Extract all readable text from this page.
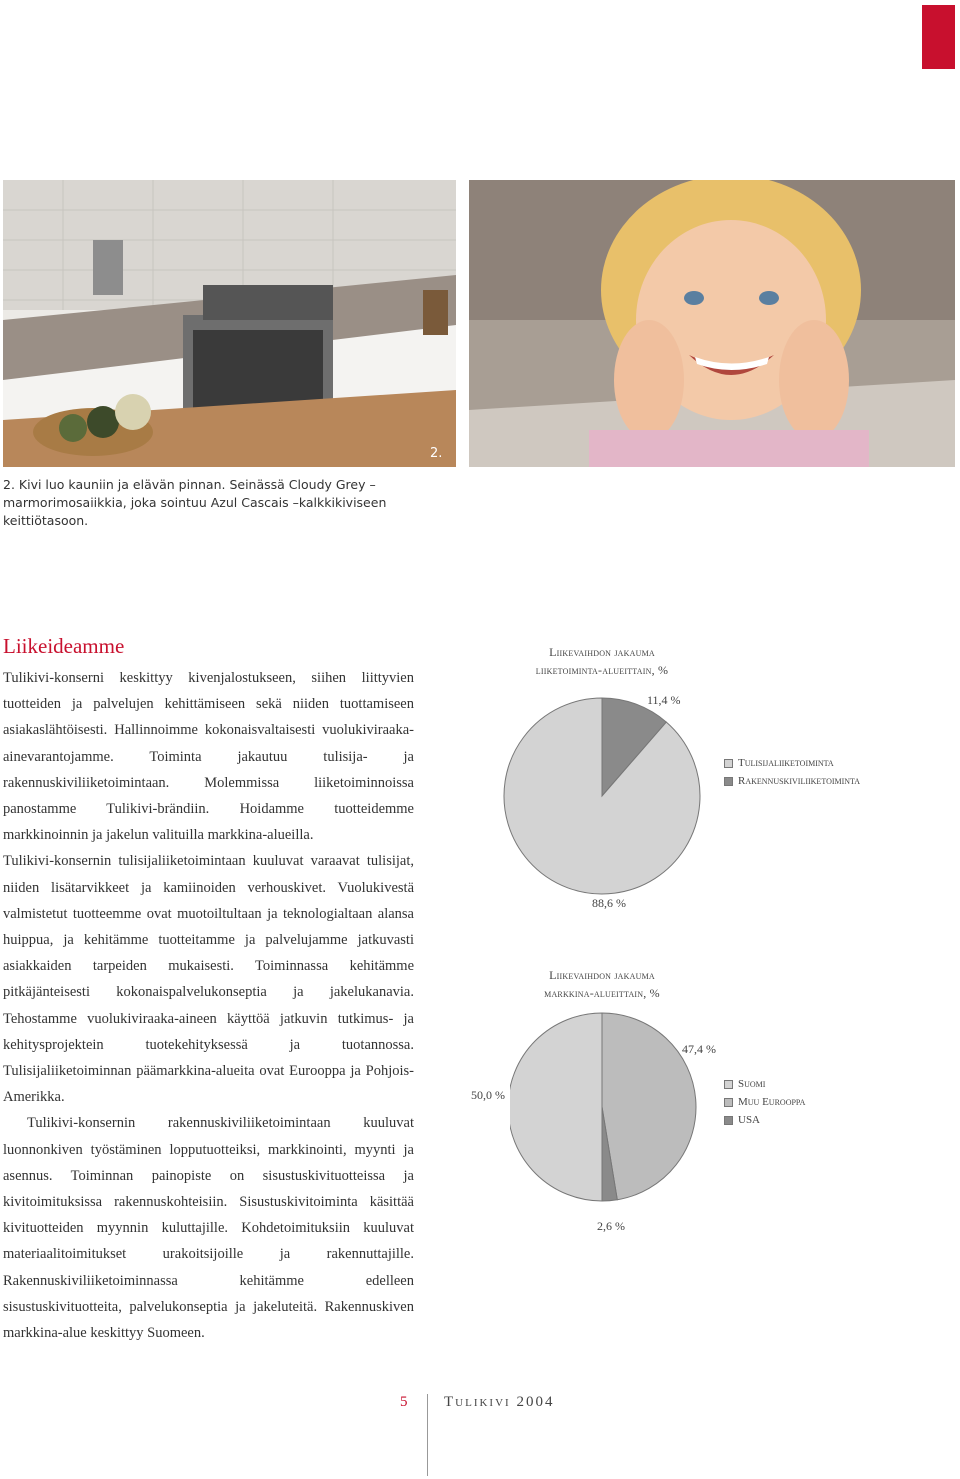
2.
2. Kivi luo kauniin ja elävän pinnan. Seinässä Cloudy Grey –marmorimosaiikkia, joka sointuu Azul Cascais –kalkkikiviseen keittiötasoon.
Liikeideamme

Tulikivi-konserni keskittyy kivenjalostukseen, siihen liittyvien tuotteiden ja palvelujen kehittämiseen sekä niiden tuottamiseen asiakaslähtöisesti. Hallinnoimme kokonaisvaltaisesti vuolukiviraaka-ainevarantojamme. Toiminta jakautuu tulisija- ja rakennuskiviliiketoimintaan. Molemmissa liiketoiminnoissa panostamme Tulikivi-brändiin. Hoidamme tuotteidemme markkinoinnin ja jakelun valituilla markkina-alueilla.

Tulikivi-konsernin tulisijaliiketoimintaan kuuluvat varaavat tulisijat, niiden lisätarvikkeet ja kamiinoiden verhouskivet. Vuolukivestä valmistetut tuotteemme ovat muotoiltultaan ja teknologialtaan alansa huippua, ja kehitämme tuotteitamme ja palvelujamme jatkuvasti asiakkaiden tarpeiden mukaisesti. Toiminnassa kehitämme pitkäjänteisesti kokonaispalvelukonseptia ja jakelukanavia. Tehostamme vuolukiviraaka-aineen käyttöä jatkuvin tutkimus- ja kehitysprojektein tuotekehityksessä ja tuotannossa. Tulisijaliiketoiminnan päämarkkina-alueita ovat Eurooppa ja Pohjois-Amerikka.

Tulikivi-konsernin rakennuskiviliiketoimintaan kuuluvat luonnonkiven työstäminen lopputuotteiksi, markkinointi, myynti ja asennus. Toiminnan painopiste on sisustuskivituotteissa ja kivitoimituksissa rakennuskohteisiin. Sisustuskivitoiminta käsittää kivituotteiden myynnin kuluttajille. Kohdetoimituksiin kuuluvat materiaalitoimitukset urakoitsijoille ja rakennuttajille. Rakennuskiviliiketoiminnassa kehitämme edelleen sisustuskivituotteita, palvelukonseptia ja jakeluteitä. Rakennuskiven markkina-alue keskittyy Suomeen.

Liikevaihdon jakauma
liiketoiminta-alueittain, %
11,4 %
88,6 %
Tulisijaliiketoiminta
Rakennuskiviliiketoiminta
Liikevaihdon jakauma
markkina-alueittain, %
47,4 %
50,0 %
2,6 %
Suomi
Muu Eurooppa
USA
5 Tulikivi 2004
